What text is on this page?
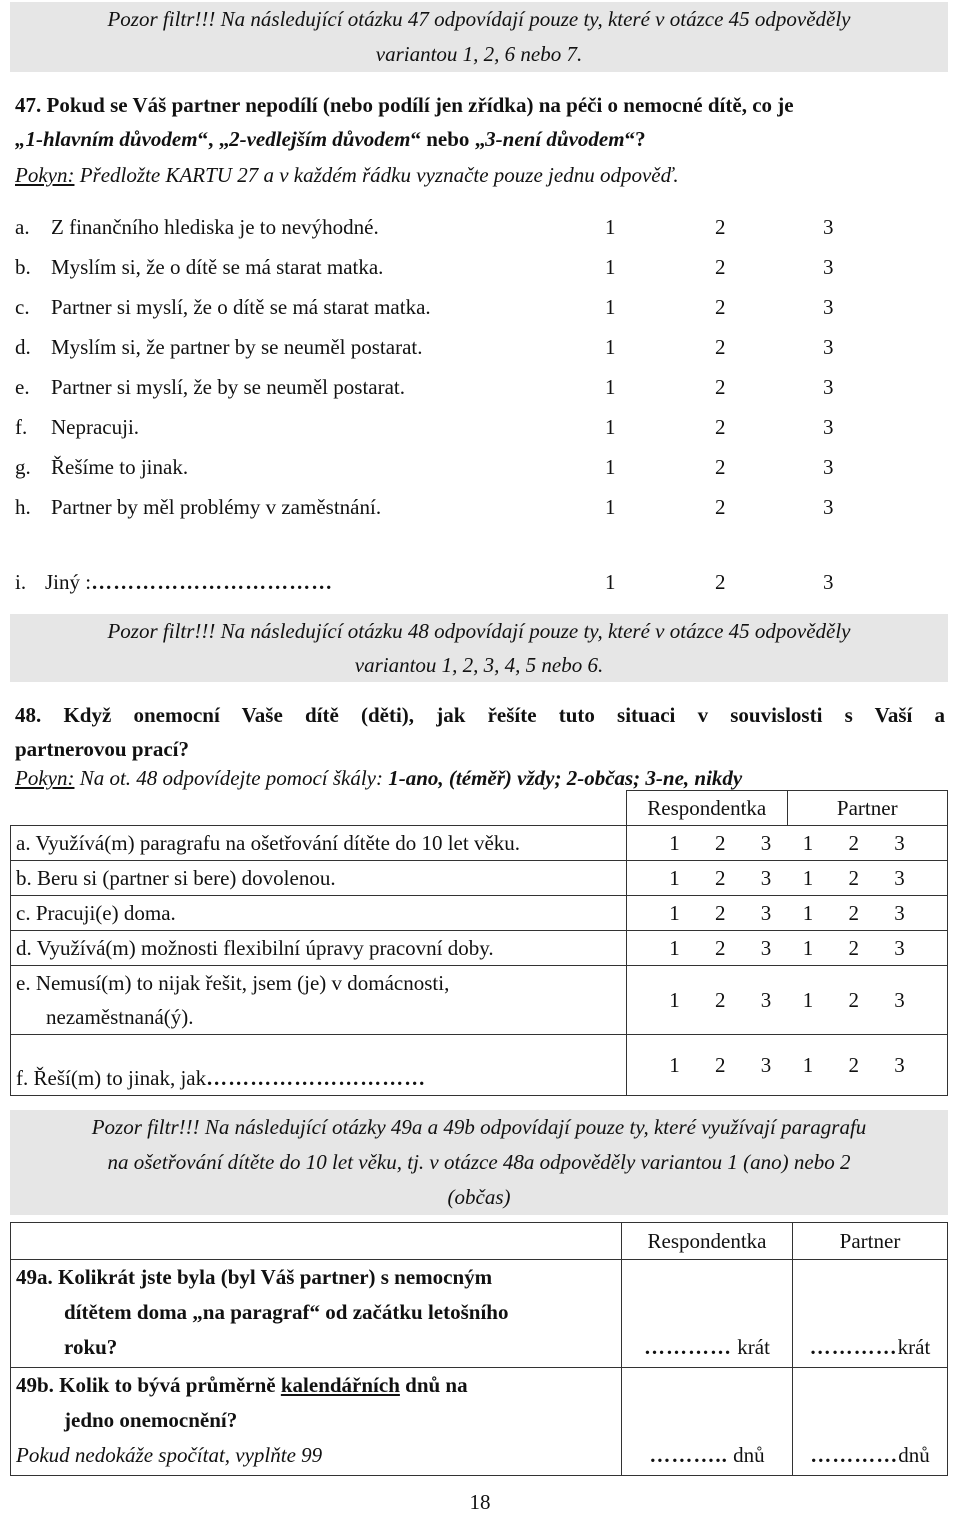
Pozor filtr!!! Na následující otázku 47 odpovídají pouze ty, které v otázce 45 odpověděly
variantou 1, 2, 6 nebo 7.
47. Pokud se Váš partner nepodílí (nebo podílí jen zřídka) na péči o nemocné dítě, co je
„1-hlavním důvodem“, „2-vedlejším důvodem“ nebo „3-není důvodem“?
Pokyn: Předložte KARTU 27 a v každém řádku vyznačte pouze jednu odpověď.
a. Z finančního hlediska je to nevýhodné.	1	2	3
b. Myslím si, že o dítě se má starat matka.	1	2	3
c. Partner si myslí, že o dítě se má starat matka.	1	2	3
d. Myslím si, že partner by se neuměl postarat.	1	2	3
e. Partner si myslí, že by se neuměl postarat.	1	2	3
f. Nepracuji.	1	2	3
g. Řešíme to jinak.	1	2	3
h. Partner by měl problémy v zaměstnání.	1	2	3
i. Jiný :……………………………	1	2	3
Pozor filtr!!! Na následující otázku 48 odpovídají pouze ty, které v otázce 45 odpověděly
variantou 1, 2, 3, 4, 5 nebo 6.
48. Když onemocní Vaše dítě (děti), jak řešíte tuto situaci v souvislosti s Vaší a
partnerovou prací?
Pokyn: Na ot. 48 odpovídejte pomocí škály: 1-ano, (téměř) vždy; 2-občas; 3-ne, nikdy

	Respondentka Partner

a. Využívá(m) paragrafu na ošetřování dítěte do 10 let věku.	1 2 3 1 2 3
b. Beru si (partner si bere) dovolenou.	1 2 3 1 2 3
c. Pracuji(e) doma.	1 2 3 1 2 3
d. Využívá(m) možnosti flexibilní úpravy pracovní doby.	1 2 3 1 2 3

e. Nemusí(m) to nijak řešit, jsem (je) v domácnosti,
nezaměstnaná(ý).	1 2 3 1 2 3
f. Řeší(m) to jinak, jak…………………………	1 2 3 1 2 3
Pozor filtr!!! Na následující otázky 49a a 49b odpovídají pouze ty, které využívají paragrafu
na ošetřování dítěte do 10 let věku, tj. v otázce 48a odpověděly variantou 1 (ano) nebo 2
(občas)
	Respondentka	Partner

49a. Kolikrát jste byla (byl Váš partner) s nemocným
dítětem doma „na paragraf“ od začátku letošního
roku?	………… krát	…………krát

49b. Kolik to bývá průměrně kalendářních dnů na
jedno onemocnění?
Pokud nedokáže spočítat, vyplňte 99	……….. dnů	…………dnů
18
